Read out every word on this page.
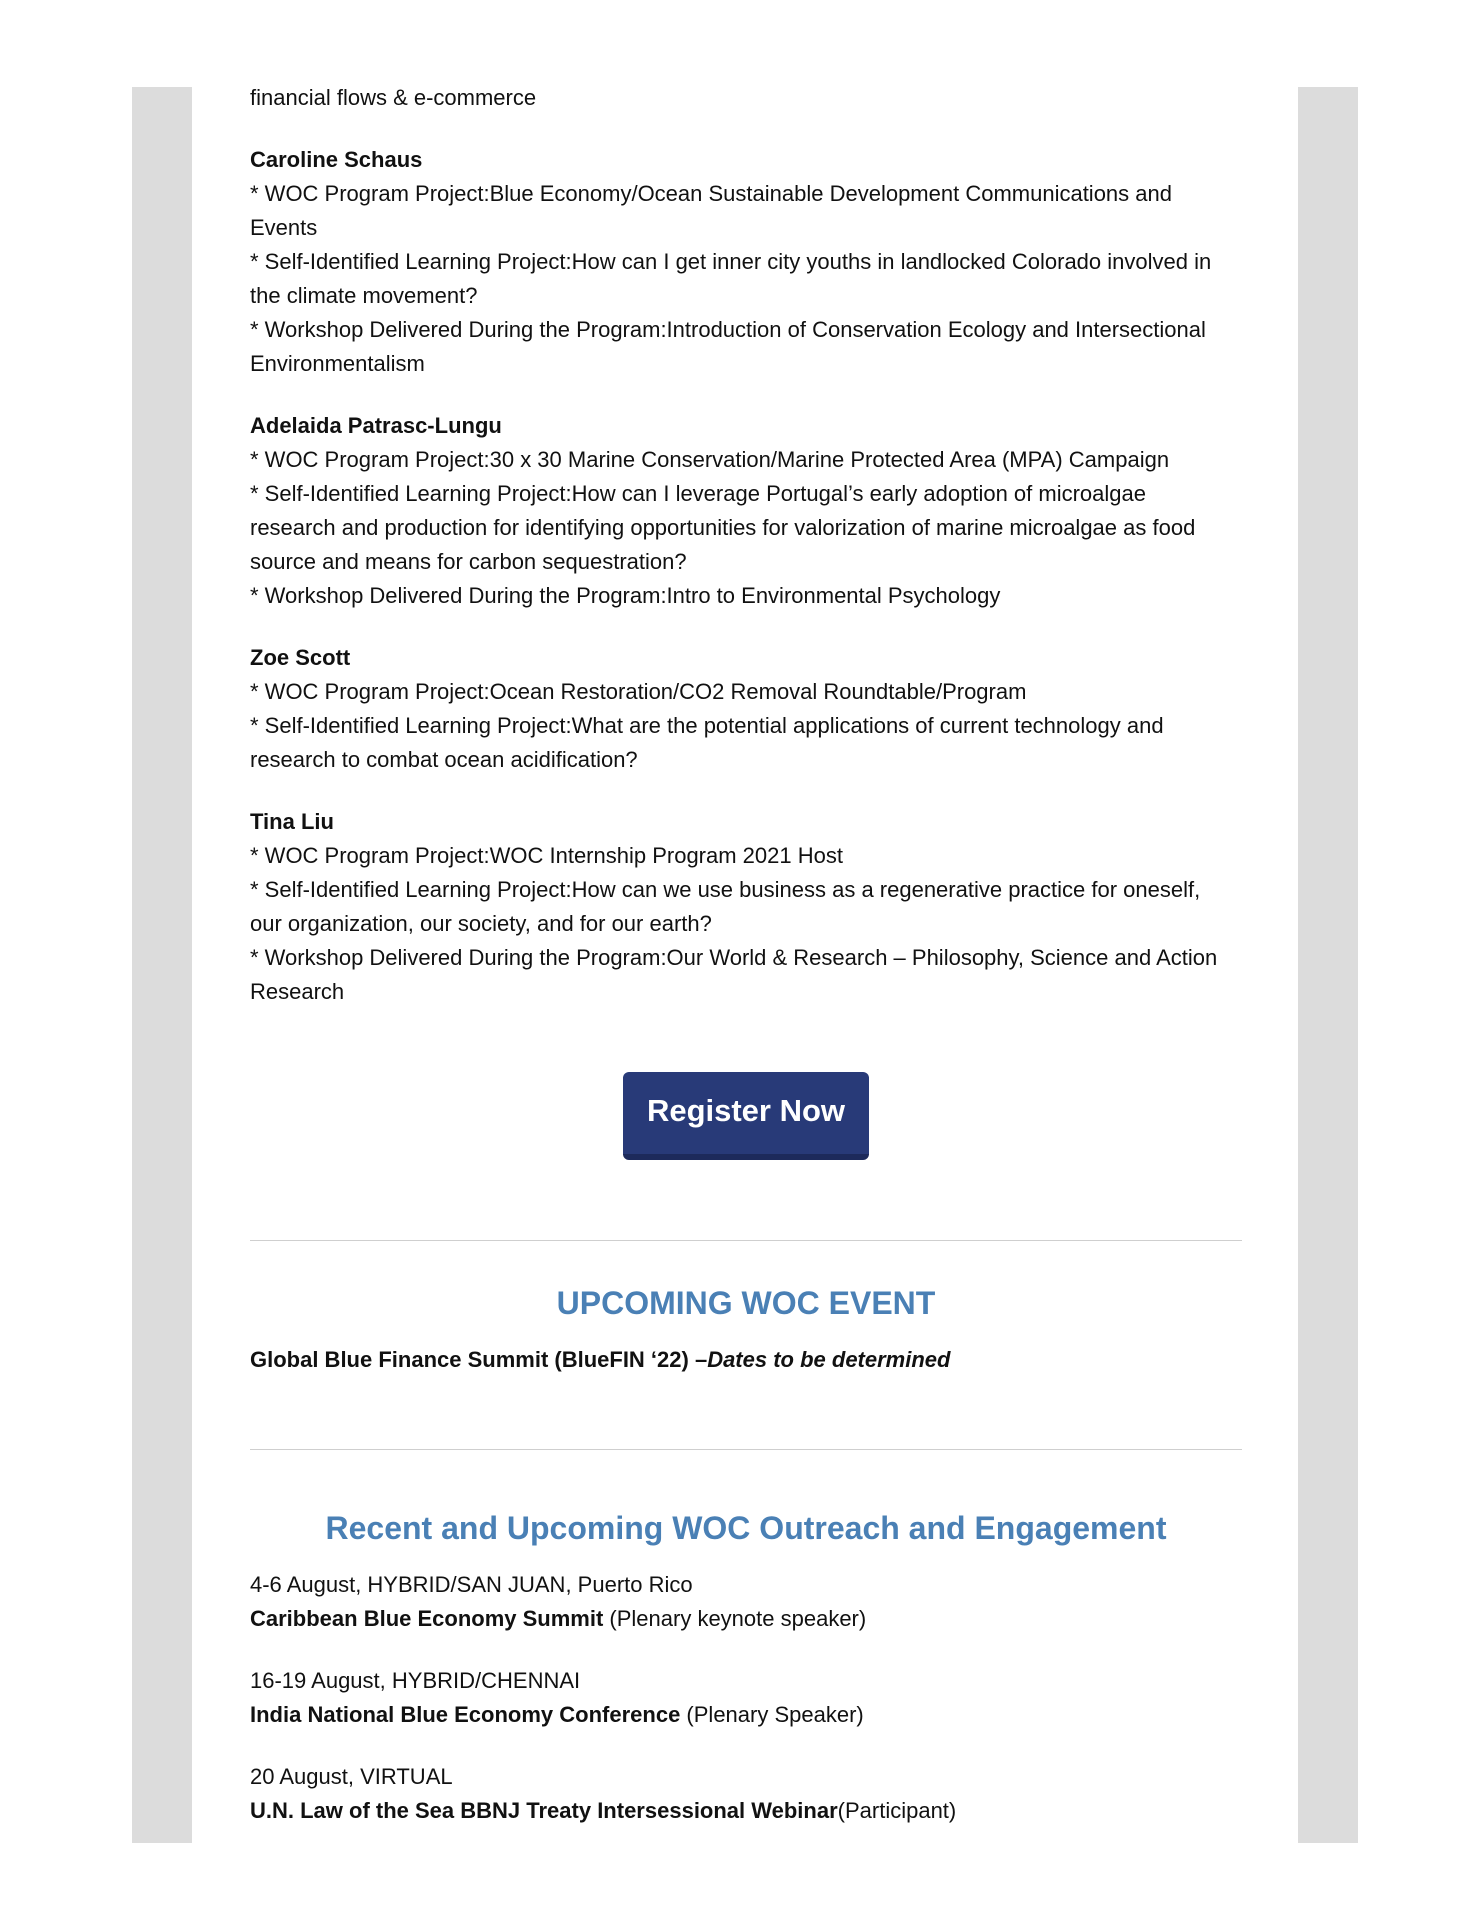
financial flows & e-commerce

Caroline Schaus

* WOC Program Project:Blue Economy/Ocean Sustainable Development Communications and

Events

* Self-Identified Learning Project:How can I get inner city youths in landlocked Colorado involved in

the climate movement?

* Workshop Delivered During the Program:Introduction of Conservation Ecology and Intersectional

Environmentalism

Adelaida Patrasc-Lungu

* WOC Program Project:30 x 30 Marine Conservation/Marine Protected Area (MPA) Campaign

* Self-Identified Learning Project:How can I leverage Portugal’s early adoption of microalgae

research and production for identifying opportunities for valorization of marine microalgae as food

source and means for carbon sequestration?

* Workshop Delivered During the Program:Intro to Environmental Psychology

Zoe Scott

* WOC Program Project:Ocean Restoration/CO2 Removal Roundtable/Program

* Self-Identified Learning Project:What are the potential applications of current technology and

research to combat ocean acidification?

Tina Liu

* WOC Program Project:WOC Internship Program 2021 Host

* Self-Identified Learning Project:How can we use business as a regenerative practice for oneself,

our organization, our society, and for our earth?

* Workshop Delivered During the Program:Our World & Research – Philosophy, Science and Action

Research

Register Now
UPCOMING WOC EVENT

Global Blue Finance Summit (BlueFIN ‘22) –Dates to be determined

Recent and Upcoming WOC Outreach and Engagement

4-6 August, HYBRID/SAN JUAN, Puerto Rico

Caribbean Blue Economy Summit (Plenary keynote speaker)

16-19 August, HYBRID/CHENNAI

India National Blue Economy Conference (Plenary Speaker)

20 August, VIRTUAL

U.N. Law of the Sea BBNJ Treaty Intersessional Webinar(Participant)
